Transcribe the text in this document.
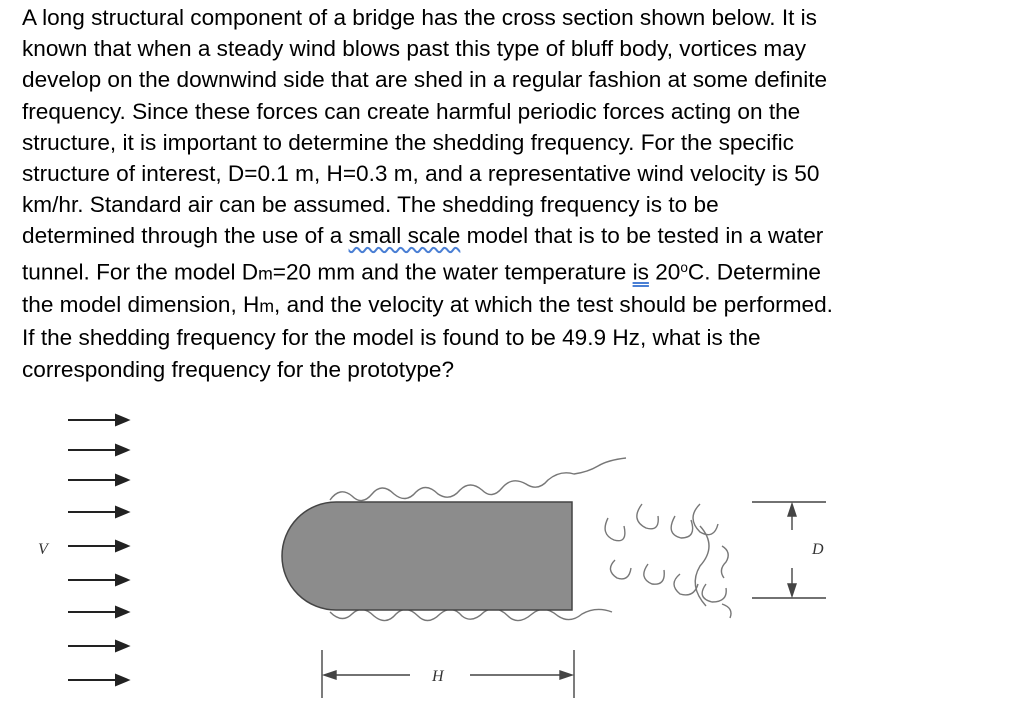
A long structural component of a bridge has the cross section shown below. It is
known that when a steady wind blows past this type of bluff body, vortices may
develop on the downwind side that are shed in a regular fashion at some definite
frequency. Since these forces can create harmful periodic forces acting on the
structure, it is important to determine the shedding frequency. For the specific
structure of interest, D=0.1 m, H=0.3 m, and a representative wind velocity is 50
km/hr. Standard air can be assumed. The shedding frequency is to be
determined through the use of a small scale model that is to be tested in a water
tunnel. For the model Dm=20 mm and the water temperature is 20$^o$C. Determine
the model dimension, Hm, and the velocity at which the test should be performed.
If the shedding frequency for the model is found to be 49.9 Hz, what is the
corresponding frequency for the prototype?
V
H
D
